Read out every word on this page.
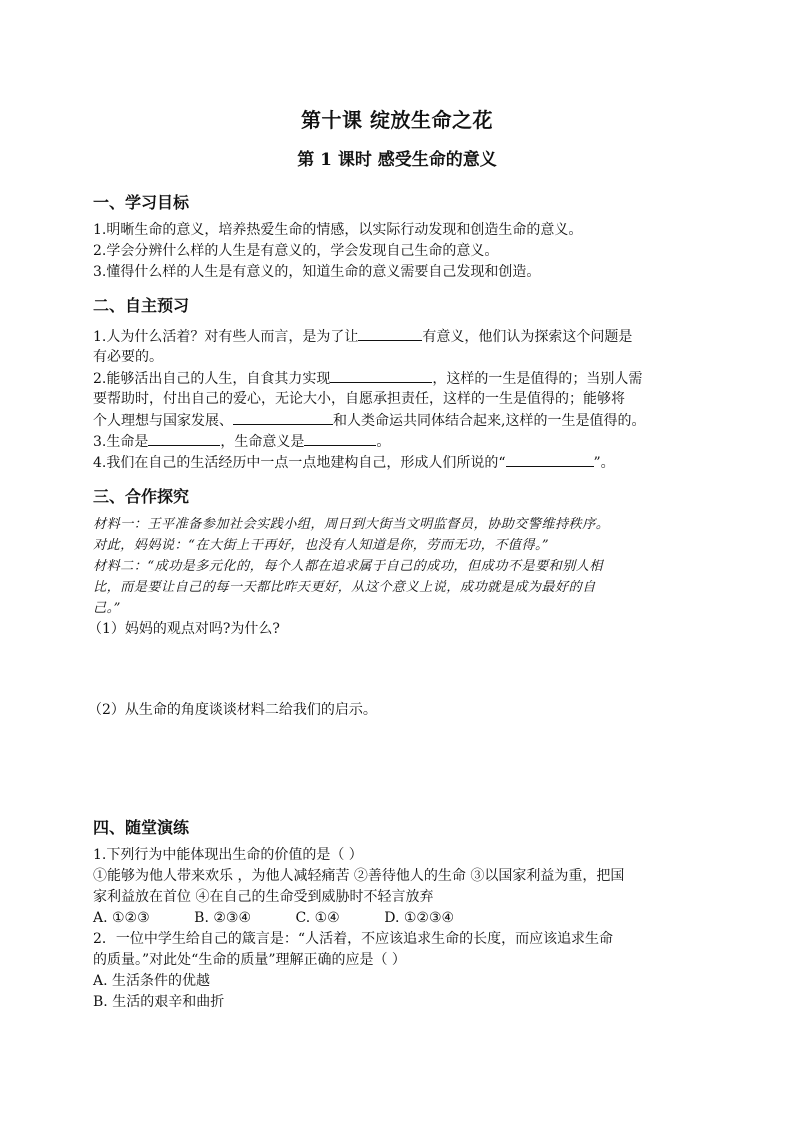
第十课 绽放生命之花
第 1 课时 感受生命的意义
一、学习目标
1.明晰生命的意义，培养热爱生命的情感，以实际行动发现和创造生命的意义。
2.学会分辨什么样的人生是有意义的，学会发现自己生命的意义。
3.懂得什么样的人生是有意义的，知道生命的意义需要自己发现和创造。
二、自主预习
1.人为什么活着？对有些人而言，是为了让	有意义，他们认为探索这个问题是
有必要的。
2.能够活出自己的人生，自食其力实现	，这样的一生是值得的；当别人需
要帮助时，付出自己的爱心，无论大小，自愿承担责任，这样的一生是值得的；能够将
个人理想与国家发展、	和人类命运共同体结合起来,这样的一生是值得的。
3.生命是	，生命意义是	。
4.我们在自己的生活经历中一点一点地建构自己，形成人们所说的“	”。
三、合作探究
材料一：王平准备参加社会实践小组，周日到大街当文明监督员，协助交警维持秩序。
对此，妈妈说：“在大街上干再好，也没有人知道是你，劳而无功，不值得。”
材料二：“成功是多元化的，每个人都在追求属于自己的成功，但成功不是要和别人相
比，而是要让自己的每一天都比昨天更好，从这个意义上说，成功就是成为最好的自
己。”
（1）妈妈的观点对吗?为什么?
（2）从生命的角度谈谈材料二给我们的启示。
四、随堂演练
1.下列行为中能体现出生命的价值的是（ ）
①能够为他人带来欢乐 ，为他人减轻痛苦 ②善待他人的生命 ③以国家利益为重，把国
家利益放在首位 ④在自己的生命受到威胁时不轻言放弃
A. ①②③          B. ②③④          C. ①④          D. ①②③④
2．一位中学生给自己的箴言是：“人活着，不应该追求生命的长度，而应该追求生命
的质量。”对此处“生命的质量”理解正确的应是（ ）
A. 生活条件的优越
B. 生活的艰辛和曲折
